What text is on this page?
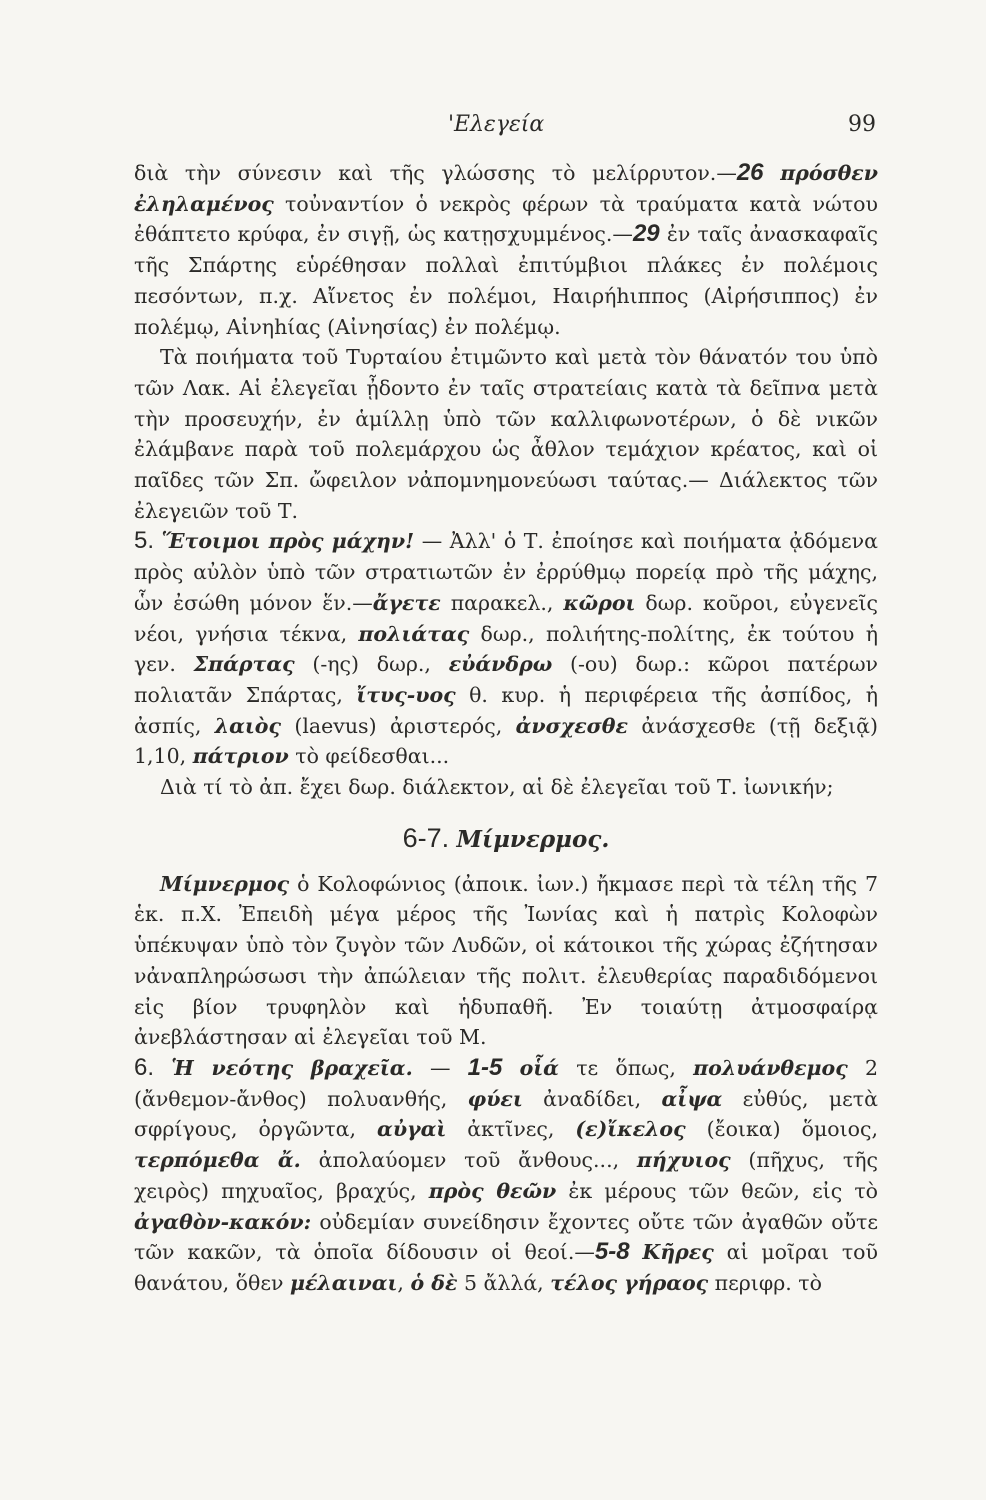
'Ελεγεία	99

διὰ τὴν σύνεσιν καὶ τῆς γλώσσης τὸ μελίρρυτον.—26 πρόσθεν ἐληλαμένος τοὐναντίον ὁ νεκρὸς φέρων τὰ τραύματα κατὰ νώτου ἐθάπτετο κρύφα, ἐν σιγῇ, ὡς κατῃσχυμμένος.—29 ἐν ταῖς ἀνασκαφαῖς τῆς Σπάρτης εὑρέθησαν πολλαὶ ἐπιτύμβιοι πλάκες ἐν πολέμοις πεσόντων, π.χ. Αἴνετος ἐν πολέμοι, Ηαιρήhιππος (Αἰρήσιππος) ἐν πολέμῳ, Αἰνηhίας (Αἰνησίας) ἐν πολέμῳ.

Τὰ ποιήματα τοῦ Τυρταίου ἐτιμῶντο καὶ μετὰ τὸν θάνατόν του ὑπὸ τῶν Λακ. Αἱ ἐλεγεῖαι ᾖδοντο ἐν ταῖς στρατείαις κατὰ τὰ δεῖπνα μετὰ τὴν προσευχήν, ἐν ἁμίλλῃ ὑπὸ τῶν καλλιφωνοτέρων, ὁ δὲ νικῶν ἐλάμβανε παρὰ τοῦ πολεμάρχου ὡς ἆθλον τεμάχιον κρέατος, καὶ οἱ παῖδες τῶν Σπ. ὤφειλον νἀπομνημονεύωσι ταύτας.— Διάλεκτος τῶν ἐλεγειῶν τοῦ Τ.

5. Ἕτοιμοι πρὸς μάχην! — Ἀλλ' ὁ Τ. ἐποίησε καὶ ποιήματα ᾀδόμενα πρὸς αὐλὸν ὑπὸ τῶν στρατιωτῶν ἐν ἐρρύθμῳ πορείᾳ πρὸ τῆς μάχης, ὧν ἐσώθη μόνον ἕν.—ἄγετε παρακελ., κῶροι δωρ. κοῦροι, εὐγενεῖς νέοι, γνήσια τέκνα, πολιάτας δωρ., πολιήτης-πολίτης, ἐκ τούτου ἡ γεν. Σπάρτας (-ης) δωρ., εὐάνδρω (-ου) δωρ.: κῶροι πατέρων πολιατᾶν Σπάρτας, ἴτυς-υος θ. κυρ. ἡ περιφέρεια τῆς ἀσπίδος, ἡ ἀσπίς, λαιὸς (laevus) ἀριστερός, ἀνσχεσθε ἀνάσχεσθε (τῇ δεξιᾷ) 1,10, πάτριον τὸ φείδεσθαι...

Διὰ τί τὸ ἀπ. ἔχει δωρ. διάλεκτον, αἱ δὲ ἐλεγεῖαι τοῦ Τ. ἰωνικήν;

6-7. Μίμνερμος.

Μίμνερμος ὁ Κολοφώνιος (ἀποικ. ἰων.) ἤκμασε περὶ τὰ τέλη τῆς 7 ἑκ. π.Χ. Ἐπειδὴ μέγα μέρος τῆς Ἰωνίας καὶ ἡ πατρὶς Κολοφὼν ὑπέκυψαν ὑπὸ τὸν ζυγὸν τῶν Λυδῶν, οἱ κάτοικοι τῆς χώρας ἐζήτησαν νἀναπληρώσωσι τὴν ἀπώλειαν τῆς πολιτ. ἐλευθερίας παραδιδόμενοι εἰς βίον τρυφηλὸν καὶ ἡδυπαθῆ. Ἐν τοιαύτῃ ἀτμοσφαίρᾳ ἀνεβλάστησαν αἱ ἐλεγεῖαι τοῦ Μ.

6. Ἡ νεότης βραχεῖα. — 1-5 οἷά τε ὅπως, πολυάνθεμος 2 (ἄνθεμον-ἄνθος) πολυανθής, φύει ἀναδίδει, αἶψα εὐθύς, μετὰ σφρίγους, ὀργῶντα, αὐγαὶ ἀκτῖνες, (ε)ἴκελος (ἔοικα) ὅμοιος, τερπόμεθα ἄ. ἀπολαύομεν τοῦ ἄνθους..., πήχυιος (πῆχυς, τῆς χειρὸς) πηχυαῖος, βραχύς, πρὸς θεῶν ἐκ μέρους τῶν θεῶν, εἰς τὸ ἀγαθὸν-κακόν: οὐδεμίαν συνείδησιν ἔχοντες οὔτε τῶν ἀγαθῶν οὔτε τῶν κακῶν, τὰ ὁποῖα δίδουσιν οἱ θεοί.—5-8 Κῆρες αἱ μοῖραι τοῦ θανάτου, ὅθεν μέλαιναι, ὁ δὲ 5 ἄλλά, τέλος γήραος περιφρ. τὸ
